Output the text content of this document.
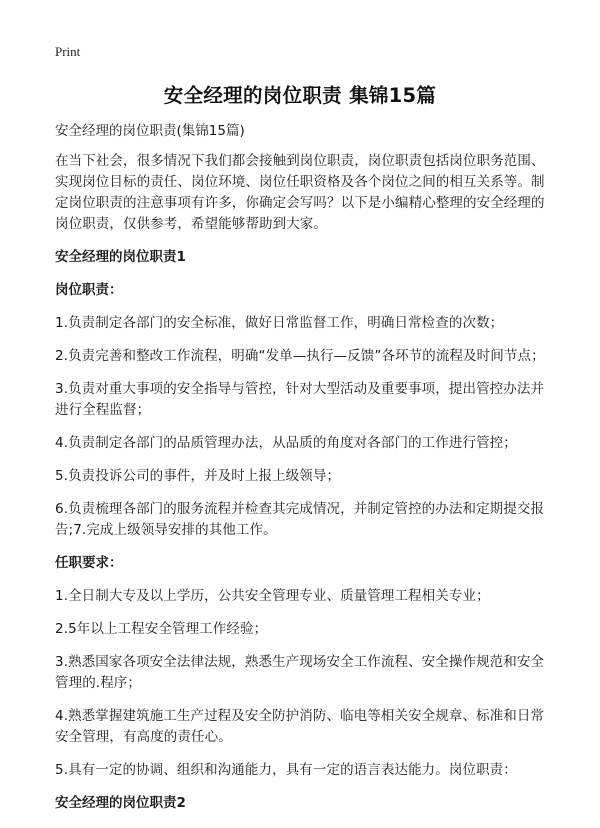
Print
安全经理的岗位职责 集锦15篇
安全经理的岗位职责(集锦15篇)

在当下社会，很多情况下我们都会接触到岗位职责，岗位职责包括岗位职务范围、实现岗位目标的责任、岗位环境、岗位任职资格及各个岗位之间的相互关系等。制定岗位职责的注意事项有许多，你确定会写吗？以下是小编精心整理的安全经理的岗位职责，仅供参考，希望能够帮助到大家。

安全经理的岗位职责1
岗位职责：

1.负责制定各部门的安全标准，做好日常监督工作，明确日常检查的次数；

2.负责完善和整改工作流程，明确“发单—执行—反馈”各环节的流程及时间节点；

3.负责对重大事项的安全指导与管控，针对大型活动及重要事项，提出管控办法并进行全程监督；

4.负责制定各部门的品质管理办法，从品质的角度对各部门的工作进行管控；

5.负责投诉公司的事件，并及时上报上级领导；

6.负责梳理各部门的服务流程并检查其完成情况，并制定管控的办法和定期提交报告;7.完成上级领导安排的其他工作。

任职要求：

1.全日制大专及以上学历，公共安全管理专业、质量管理工程相关专业；

2.5年以上工程安全管理工作经验；

3.熟悉国家各项安全法律法规，熟悉生产现场安全工作流程、安全操作规范和安全管理的.程序；

4.熟悉掌握建筑施工生产过程及安全防护消防、临电等相关安全规章、标准和日常安全管理，有高度的责任心。

5.具有一定的协调、组织和沟通能力，具有一定的语言表达能力。岗位职责：

安全经理的岗位职责2
